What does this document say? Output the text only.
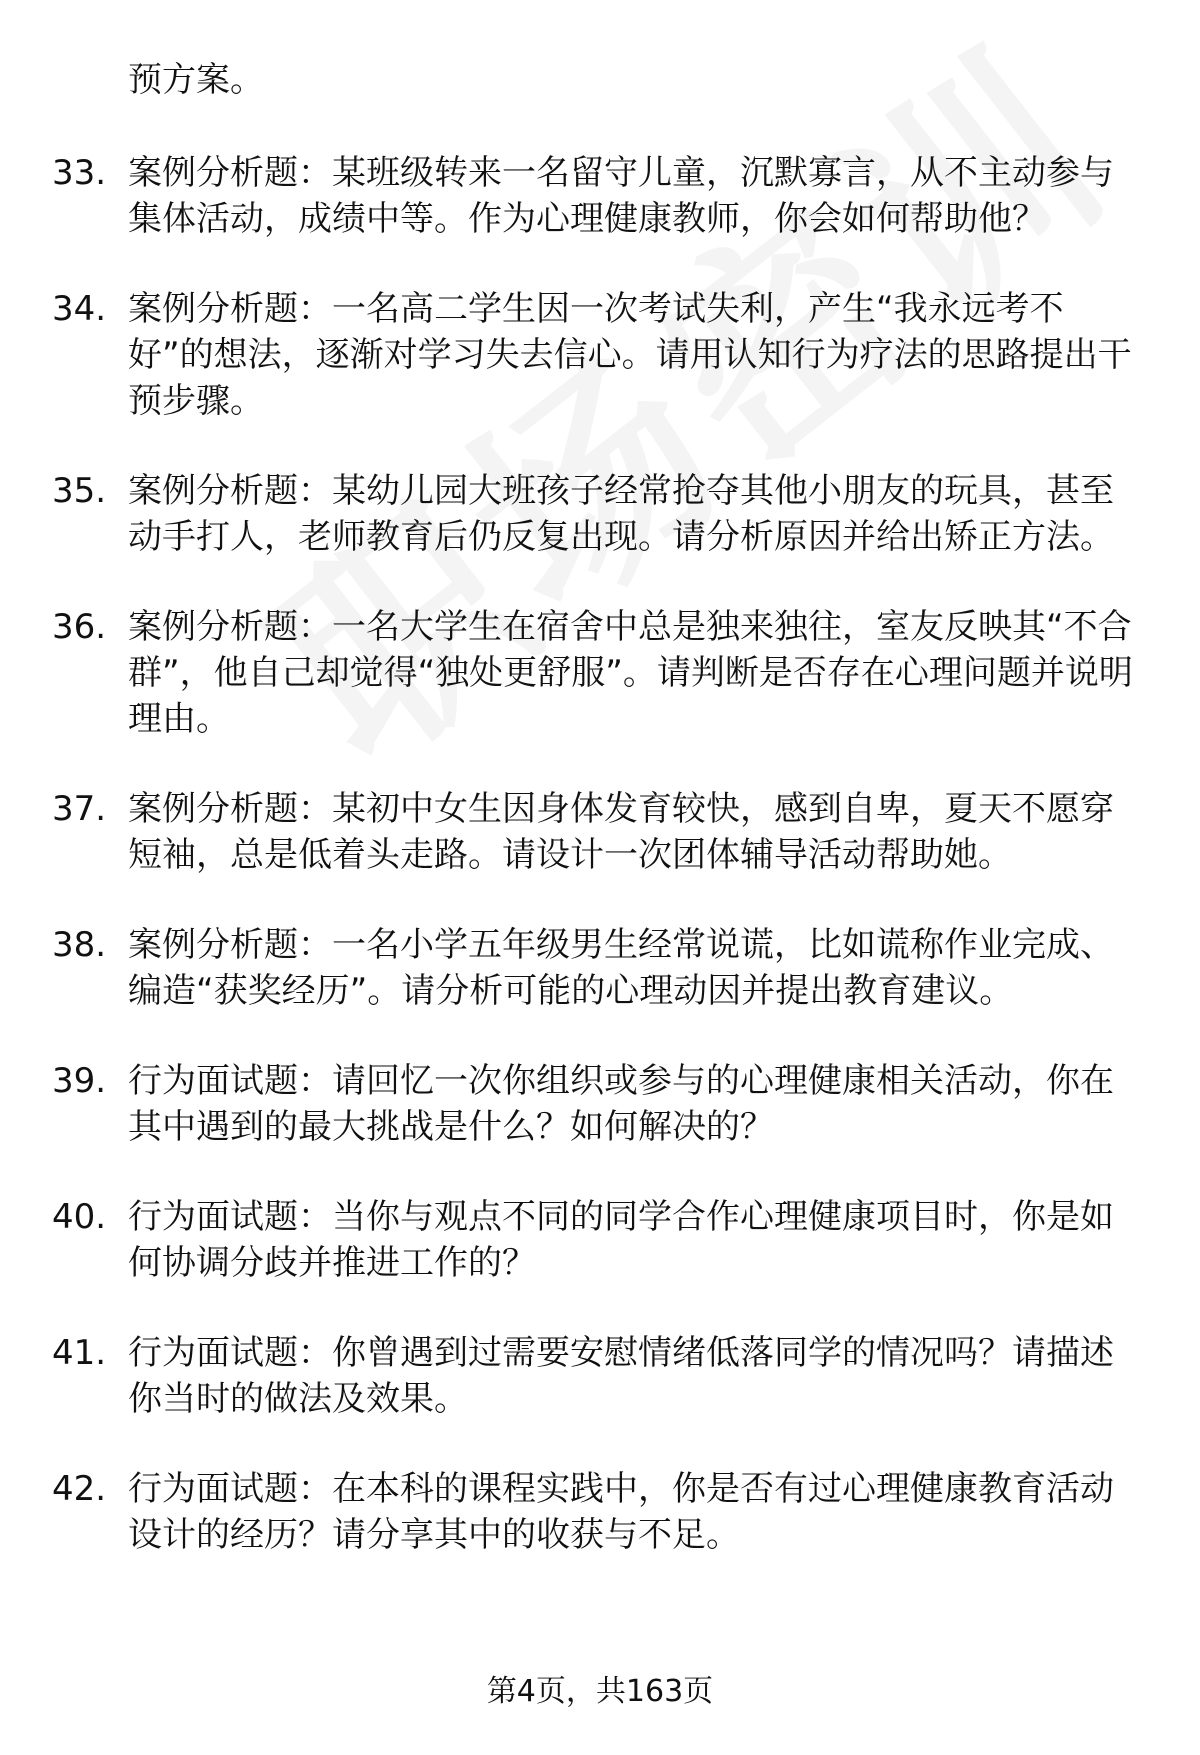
预方案。
33. 案例分析题：某班级转来一名留守儿童，沉默寡言，从不主动参与集体活动，成绩中等。作为心理健康教师，你会如何帮助他？
34. 案例分析题：一名高二学生因一次考试失利，产生“我永远考不好”的想法，逐渐对学习失去信心。请用认知行为疗法的思路提出干预步骤。
35. 案例分析题：某幼儿园大班孩子经常抢夺其他小朋友的玩具，甚至动手打人，老师教育后仍反复出现。请分析原因并给出矫正方法。
36. 案例分析题：一名大学生在宿舍中总是独来独往，室友反映其“不合群”，他自己却觉得“独处更舒服”。请判断是否存在心理问题并说明理由。
37. 案例分析题：某初中女生因身体发育较快，感到自卑，夏天不愿穿短袖，总是低着头走路。请设计一次团体辅导活动帮助她。
38. 案例分析题：一名小学五年级男生经常说谎，比如谎称作业完成、编造“获奖经历”。请分析可能的心理动因并提出教育建议。
39. 行为面试题：请回忆一次你组织或参与的心理健康相关活动，你在其中遇到的最大挑战是什么？如何解决的？
40. 行为面试题：当你与观点不同的同学合作心理健康项目时，你是如何协调分歧并推进工作的？
41. 行为面试题：你曾遇到过需要安慰情绪低落同学的情况吗？请描述你当时的做法及效果。
42. 行为面试题：在本科的课程实践中，你是否有过心理健康教育活动设计的经历？请分享其中的收获与不足。
第4页，共163页
